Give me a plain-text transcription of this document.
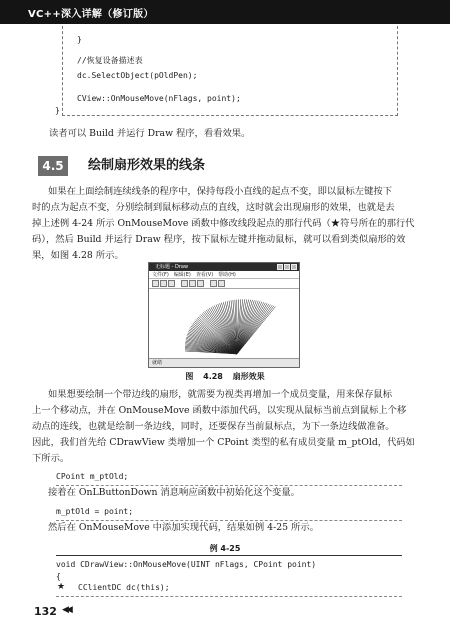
VC++深入详解（修订版）
}
//恢复设备描述表
dc.SelectObject(pOldPen);
CView::OnMouseMove(nFlags, point);
}
读者可以 Build 并运行 Draw 程序，看看效果。
4.5	绘制扇形效果的线条
如果在上面绘制连续线条的程序中，保持每段小直线的起点不变，即以鼠标左键按下
时的点为起点不变，分别绘制到鼠标移动点的直线，这时就会出现扇形的效果，也就是去
掉上述例 4-24 所示 OnMouseMove 函数中修改线段起点的那行代码（★符号所在的那行代
码），然后 Build 并运行 Draw 程序，按下鼠标左键并拖动鼠标，就可以看到类似扇形的效
果，如图 4.28 所示。
无标题 - Draw
文件(F) 编辑(E) 查看(V) 帮助(H)
就绪
图 4.28 扇形效果
如果想要绘制一个带边线的扇形，就需要为视类再增加一个成员变量，用来保存鼠标
上一个移动点，并在 OnMouseMove 函数中添加代码，以实现从鼠标当前点到鼠标上个移
动点的连线，也就是绘制一条边线，同时，还要保存当前鼠标点，为下一条边线做准备。
因此，我们首先给 CDrawView 类增加一个 CPoint 类型的私有成员变量 m_ptOld，代码如
下所示。
CPoint m_ptOld;
接着在 OnLButtonDown 消息响应函数中初始化这个变量。
m_ptOld = point;
然后在 OnMouseMove 中添加实现代码，结果如例 4-25 所示。
例 4-25
void CDrawView::OnMouseMove(UINT nFlags, CPoint point)
{
★ CClientDC dc(this);
132 ◀◀
